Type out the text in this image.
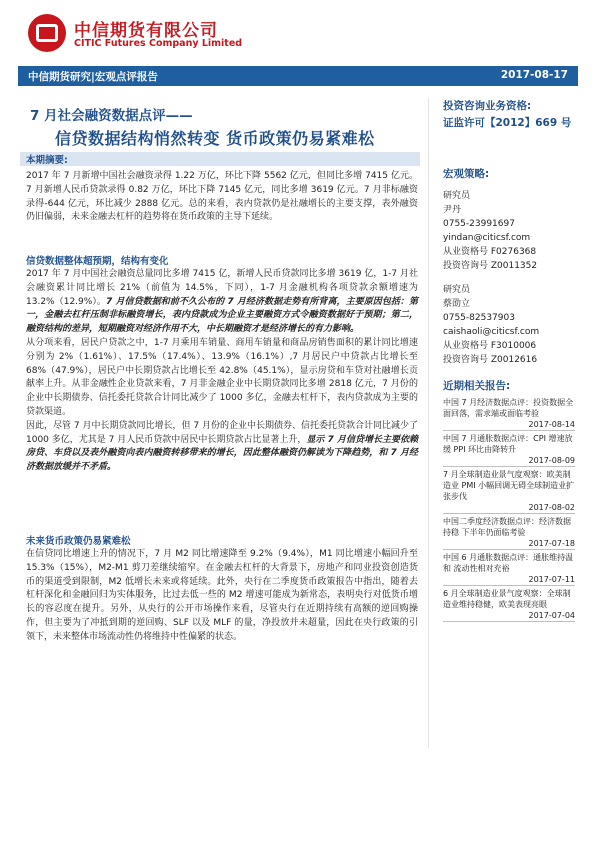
中信期货有限公司
CITIC Futures Company Limited
中信期货研究|宏观点评报告	2017-08-17
7 月社会融资数据点评——
信贷数据结构悄然转变 货币政策仍易紧难松
本期摘要:

2017 年 7 月新增中国社会融资录得 1.22 万亿，环比下降 5562 亿元，但同比多增 7415 亿元。7 月新增人民币贷款录得 0.82 万亿，环比下降 7145 亿元，同比多增 3619 亿元。7 月非标融资录得-644 亿元，环比减少 2888 亿元。总的来看，表内贷款仍是社融增长的主要支撑，表外融资仍旧偏弱，未来金融去杠杆的趋势将在货币政策的主导下延续。

信贷数据整体超预期，结构有变化

2017 年 7 月中国社会融资总量同比多增 7415 亿，新增人民币贷款同比多增 3619 亿，1-7 月社会融资累计同比增长 21%（前值为 14.5%，下同），1-7 月金融机构各项贷款余额增速为 13.2%（12.9%）。7 月信贷数据和前不久公布的 7 月经济数据走势有所背离，主要原因包括：第一，金融去杠杆压制非标融资增长，表内贷款成为企业主要融资方式令融资数据好于预期；第二，融资结构的差异，短期融资对经济作用不大，中长期融资才是经济增长的有力影响。

从分项来看，居民户贷款之中，1-7 月乘用车销量、商用车销量和商品房销售面积的累计同比增速分别为 2%（1.61%）、17.5%（17.4%）、13.9%（16.1%）,7 月居民户中贷款占比增长至 68%（47.9%），居民户中长期贷款占比增长至 42.8%（45.1%），显示房贷和车贷对社融增长贡献率上升。从非金融性企业贷款来看，7 月非金融企业中长期贷款同比多增 2818 亿元，7 月份的企业中长期债券、信托委托贷款合计同比减少了 1000 多亿，金融去杠杆下，表内贷款成为主要的贷款渠道。

因此，尽管 7 月中长期贷款同比增长，但 7 月份的企业中长期债券、信托委托贷款合计同比减少了 1000 多亿，尤其是 7 月人民币贷款中居民中长期贷款占比显著上升，显示 7 月信贷增长主要依赖房贷、车贷以及表外融资向表内融资转移带来的增长，因此整体融资仍解读为下降趋势，和 7 月经济数据放缓并不矛盾。

未来货币政策仍易紧难松

在信贷同比增速上升的情况下，7 月 M2 同比增速降至 9.2%（9.4%），M1 同比增速小幅回升至 15.3%（15%），M2-M1 剪刀差继续缩窄。在金融去杠杆的大背景下，房地产和同业投资创造货币的渠道受到限制，M2 低增长未来或将延续。此外，央行在二季度货币政策报告中指出，随着去杠杆深化和金融回归为实体服务，比过去低一些的 M2 增速可能成为新常态，表明央行对低货币增长的容忍度在提升。另外，从央行的公开市场操作来看，尽管央行在近期持续有高额的逆回购操作，但主要为了冲抵到期的逆回购、SLF 以及 MLF 的量，净投放并未超量，因此在央行政策的引领下，未来整体市场流动性仍将维持中性偏紧的状态。

投资咨询业务资格:
证监许可【2012】669 号
宏观策略:
研究员
尹丹
0755-23991697
yindan@citicsf.com
从业资格号 F0276368
投资咨询号 Z0011352
研究员
蔡劭立
0755-82537903
caishaoli@citicsf.com
从业资格号 F3010006
投资咨询号 Z0012616
近期相关报告:
中国 7 月经济数据点评：投资数据全面回落，需求端或面临考验
2017-08-14
中国 7 月通胀数据点评：CPI 增速放缓 PPI 环比由降转升
2017-08-09
7 月全球制造业景气度观察：欧美制造业 PMI 小幅回调无碍全球制造业扩张步伐
2017-08-02
中国二季度经济数据点评：经济数据持稳 下半年仍面临考验
2017-07-18
中国 6 月通胀数据点评：通胀维持温和 流动性相对充裕
2017-07-11
6 月全球制造业景气度观察：全球制造业维持稳健，欧美表现亮眼
2017-07-04
